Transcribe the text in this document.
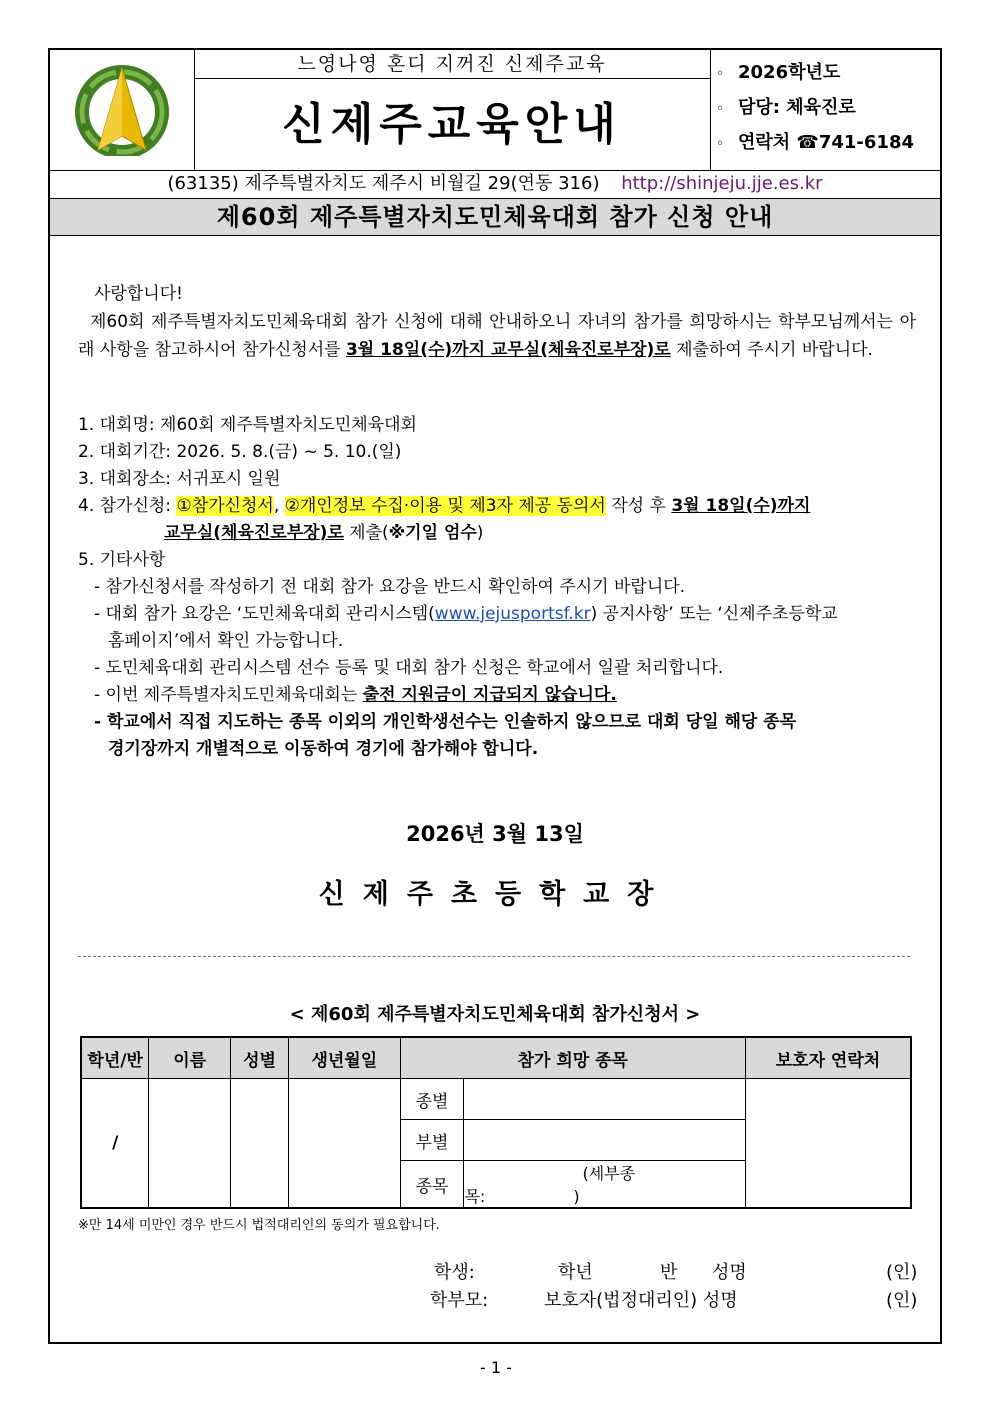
느영나영 혼디 지꺼진 신제주교육
신제주교육안내
◦ 2026학년도
◦ 담당: 체육진로
◦ 연락처 ☎741-6184
(63135) 제주특별자치도 제주시 비월길 29(연동 316) http://shinjeju.jje.es.kr
제60회 제주특별자치도민체육대회 참가 신청 안내

사랑합니다!

제60회 제주특별자치도민체육대회 참가 신청에 대해 안내하오니 자녀의 참가를 희망하시는 학부모님께서는 아래 사항을 참고하시어 참가신청서를 3월 18일(수)까지 교무실(체육진로부장)로 제출하여 주시기 바랍니다.

1. 대회명: 제60회 제주특별자치도민체육대회
2. 대회기간: 2026. 5. 8.(금) ~ 5. 10.(일)
3. 대회장소: 서귀포시 일원
4. 참가신청: ①참가신청서, ②개인정보 수집·이용 및 제3자 제공 동의서 작성 후 3월 18일(수)까지
교무실(체육진로부장)로 제출(※기일 엄수)
5. 기타사항
- 참가신청서를 작성하기 전 대회 참가 요강을 반드시 확인하여 주시기 바랍니다.
- 대회 참가 요강은 ‘도민체육대회 관리시스템(www.jejusportsf.kr) 공지사항’ 또는 ‘신제주초등학교
홈페이지’에서 확인 가능합니다.
- 도민체육대회 관리시스템 선수 등록 및 대회 참가 신청은 학교에서 일괄 처리합니다.
- 이번 제주특별자치도민체육대회는 출전 지원금이 지급되지 않습니다.
- 학교에서 직접 지도하는 종목 이외의 개인학생선수는 인솔하지 않으므로 대회 당일 해당 종목
경기장까지 개별적으로 이동하여 경기에 참가해야 합니다.
2026년 3월 13일
신제주초등학교장
< 제60회 제주특별자치도민체육대회 참가신청서 >
학년/반	이름	성별	생년월일	참가 희망 종목		보호자 연락처
/				종별		
				부별		
				종목	(세부종목: )	
※만 14세 미만인 경우 반드시 법적대리인의 동의가 필요합니다.
학생:	학년	반 성명	(인)
학부모:	보호자(법정대리인) 성명	(인)
- 1 -
